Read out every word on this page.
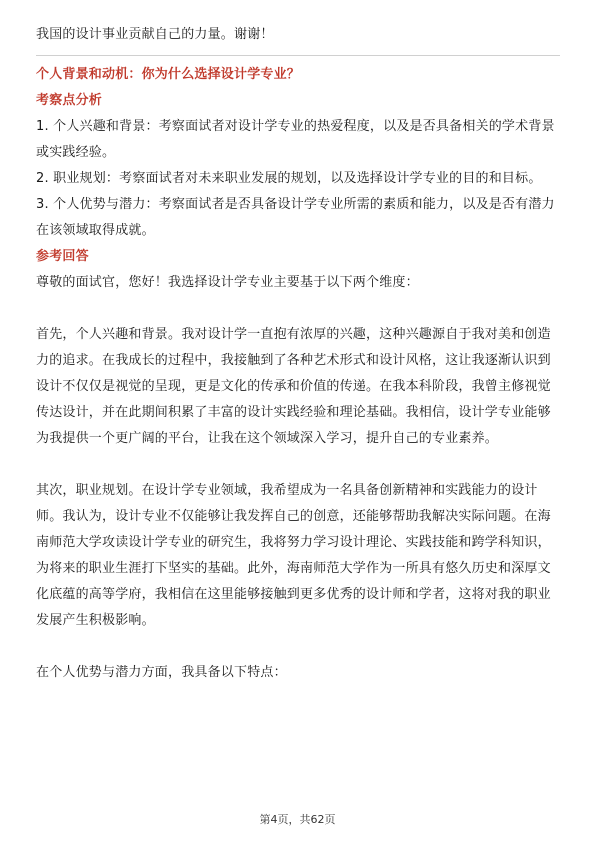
我国的设计事业贡献自己的力量。谢谢！

个人背景和动机：你为什么选择设计学专业？

考察点分析

1. 个人兴趣和背景：考察面试者对设计学专业的热爱程度，以及是否具备相关的学术背景或实践经验。

2. 职业规划：考察面试者对未来职业发展的规划，以及选择设计学专业的目的和目标。

3. 个人优势与潜力：考察面试者是否具备设计学专业所需的素质和能力，以及是否有潜力在该领域取得成就。

参考回答

尊敬的面试官，您好！我选择设计学专业主要基于以下两个维度：

首先，个人兴趣和背景。我对设计学一直抱有浓厚的兴趣，这种兴趣源自于我对美和创造力的追求。在我成长的过程中，我接触到了各种艺术形式和设计风格，这让我逐渐认识到设计不仅仅是视觉的呈现，更是文化的传承和价值的传递。在我本科阶段，我曾主修视觉传达设计，并在此期间积累了丰富的设计实践经验和理论基础。我相信，设计学专业能够为我提供一个更广阔的平台，让我在这个领域深入学习，提升自己的专业素养。

其次，职业规划。在设计学专业领域，我希望成为一名具备创新精神和实践能力的设计师。我认为，设计专业不仅能够让我发挥自己的创意，还能够帮助我解决实际问题。在海南师范大学攻读设计学专业的研究生，我将努力学习设计理论、实践技能和跨学科知识，为将来的职业生涯打下坚实的基础。此外，海南师范大学作为一所具有悠久历史和深厚文化底蕴的高等学府，我相信在这里能够接触到更多优秀的设计师和学者，这将对我的职业发展产生积极影响。

在个人优势与潜力方面，我具备以下特点：

第4页，共62页
